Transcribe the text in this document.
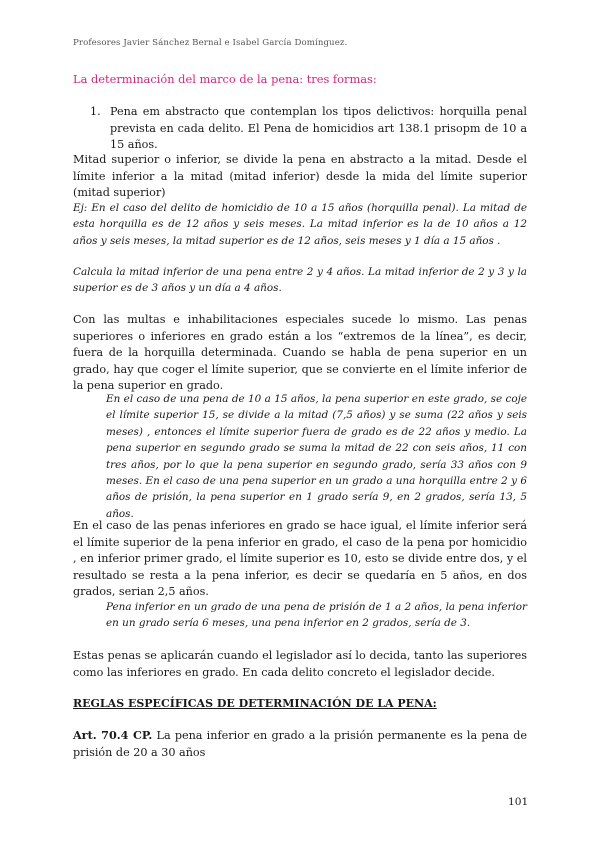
Profesores Javier Sánchez Bernal e Isabel García Domínguez.
La determinación del marco de la pena: tres formas:
1. Pena em abstracto que contemplan los tipos delictivos: horquilla penal prevista en cada delito. El Pena de homicidios art 138.1 prisopm de 10 a 15 años.
Mitad superior o inferior, se divide la pena en abstracto a la mitad. Desde el límite inferior a la mitad (mitad inferior) desde la mida del límite superior (mitad superior)
Ej: En el caso del delito de homicidio de 10 a 15 años (horquilla penal). La mitad de esta horquilla es de 12 años y seis meses. La mitad inferior es la de 10 años a 12 años y seis meses, la mitad superior es de 12 años, seis meses y 1 día a 15 años .
Calcula la mitad inferior de una pena entre 2 y 4 años. La mitad inferior de 2 y 3 y la superior es de 3 años y un día a 4 años.
Con las multas e inhabilitaciones especiales sucede lo mismo. Las penas superiores o inferiores en grado están a los “extremos de la línea”, es decir, fuera de la horquilla determinada. Cuando se habla de pena superior en un grado, hay que coger el límite superior, que se convierte en el límite inferior de la pena superior en grado.
En el caso de una pena de 10 a 15 años, la pena superior en este grado, se coje el límite superior 15, se divide a la mitad (7,5 años) y se suma (22 años y seis meses) , entonces el límite superior fuera de grado es de 22 años y medio. La pena superior en segundo grado se suma la mitad de 22 con seis años, 11 con tres años, por lo que la pena superior en segundo grado, sería 33 años con 9 meses. En el caso de una pena superior en un grado a una horquilla entre 2 y 6 años de prisión, la pena superior en 1 grado sería 9, en 2 grados, sería 13, 5 años.
En el caso de las penas inferiores en grado se hace igual, el límite inferior será el límite superior de la pena inferior en grado, el caso de la pena por homicidio , en inferior primer grado, el límite superior es 10, esto se divide entre dos, y el resultado se resta a la pena inferior, es decir se quedaría en 5 años, en dos grados, serian 2,5 años.
Pena inferior en un grado de una pena de prisión de 1 a 2 años, la pena inferior en un grado sería 6 meses, una pena inferior en 2 grados, sería de 3.
Estas penas se aplicarán cuando el legislador así lo decida, tanto las superiores como las inferiores en grado. En cada delito concreto el legislador decide.
REGLAS ESPECÍFICAS DE DETERMINACIÓN DE LA PENA:
Art. 70.4 CP. La pena inferior en grado a la prisión permanente es la pena de prisión de 20 a 30 años
101
